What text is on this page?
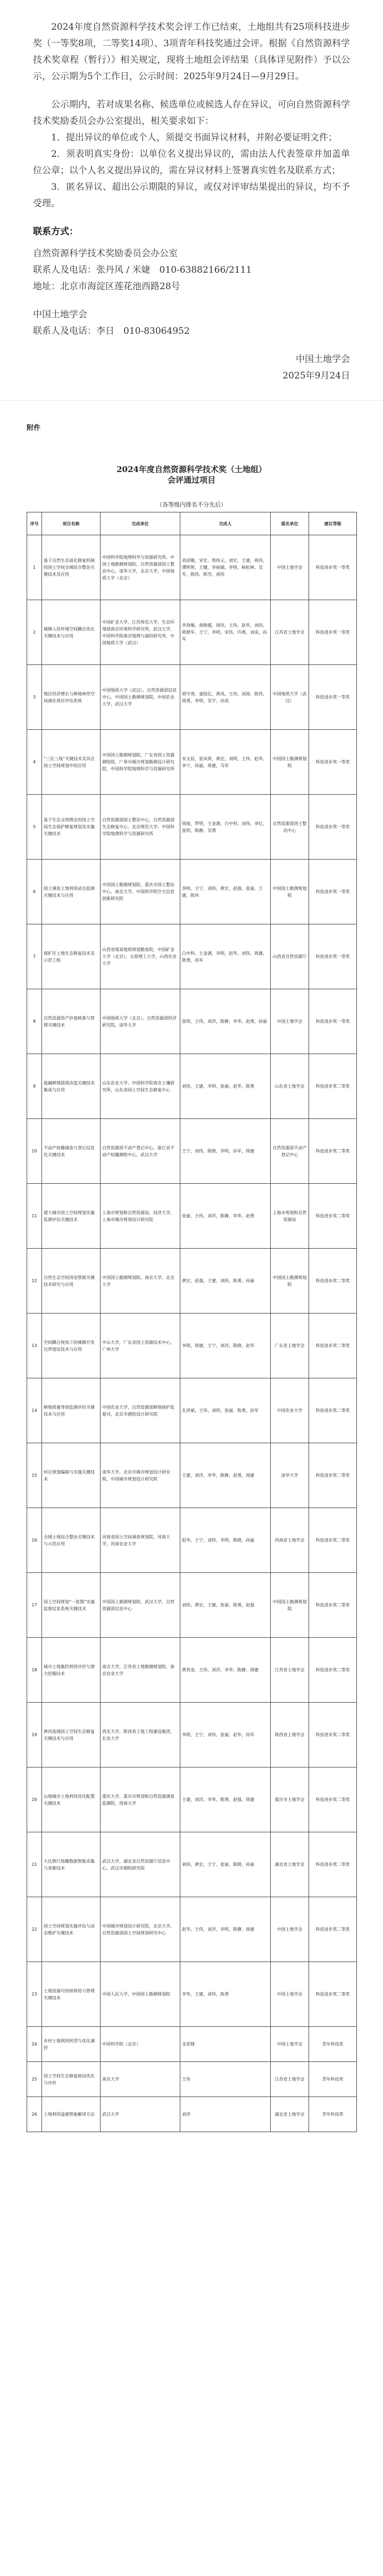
2024年度自然资源科学技术奖会评工作已结束，土地组共有25项科技进步奖（一等奖8项，二等奖14项）、3项青年科技奖通过会评。根据《自然资源科学技术奖章程（暂行）》相关规定，现将土地组会评结果（具体详见附件）予以公示，公示期为5个工作日，公示时间：2025年9月24日—9月29日。

公示期内，若对成果名称、候选单位或候选人存在异议，可向自然资源科学技术奖励委员会办公室提出，相关要求如下：

1．提出异议的单位或个人，须提交书面异议材料，并附必要证明文件；

2．须表明真实身份：以单位名义提出异议的，需由法人代表签章并加盖单位公章；以个人名义提出异议的，需在异议材料上签署真实姓名及联系方式；

3．匿名异议、超出公示期限的异议，或仅对评审结果提出的异议，均不予受理。

联系方式：

自然资源科学技术奖励委员会办公室

联系人及电话：张丹风 / 米婕　010-63882166/2111

地址：北京市海淀区莲花池西路28号

中国土地学会

联系人及电话：李日　010-83064952

中国土地学会

2025年9月24日

附件
2024年度自然资源科学技术奖（土地组）
会评通过项目
（各等级内排名不分先后）
序号	项目名称	完成单位	完成人	提名单位	建议等级
1	基于自然生态退化修复机制的国土空间全域综合整治关键技术及应用	中国科学院地理科学与资源研究所，中国土地勘测规划院，自然资源部国土整治中心，清华大学，北京大学，中国地质大学（北京）	刘彦随，宋宏，郑伟元，刘宏，王建，周伟，谭明智，王健，李裕瑞，李明，杨松林，吴军，陈伟，陈雪，胡伟	中国土地学会	科技进步奖一等奖
2	城镇人居环境空间耦合优化关键技术与应用	中国矿业大学，江苏师范大学，生态环境部南京环境科学研究所，武汉大学，中国科学院南京地理与湖泊研究所，中国地质大学（武汉）	李效顺，胡晓霞，周伟，王伟，赵华，刘伟，陈晓军，王宁，李明，宋伟，许燕，刘成，孙军	江苏省土地学会	科技进步奖一等奖
3	地区经济增长与耕地林草空间演化效应评估系统	中国地质大学（武汉），自然资源部信息中心，中国国土勘测规划院，中国农业大学，武汉大学	胡守庚，童陆亿，黄凤，王伟，刘涛，陈伟，周勇，李明，吴宇，孙英	中国地质大学（武汉）	科技进步奖一等奖
4	“三区三线”关键技术及其在国土空间规划中的应用	中国国土勘测规划院，广东省国土资源测绘院，广州市城市规划勘测设计研究院，中国科学院地理科学与资源研究所	安文辰，张凤荣，黄宏，刘明，王伟，赵华，李宁，孙丽，周建，马军	中国国土勘测规划院	科技进步奖一等奖
5	基于生态文明理念的国土空间生态保护修复规划及实施关键技术	自然资源部国土整治中心，自然资源部生态修复中心，北京师范大学，中国科学院地理科学与资源研究所	周旭，罗明，王金满，白中科，刘伟，李红，张明，陈静，吴勇	自然资源部国土整治中心	科技进步奖一等奖
6	国土调查土地利用动态监测关键技术与应用	中国国土勘测规划院，重庆市国土整治中心，南京大学，中国科学院空天信息创新研究院	李明，王宁，刘伟，黄宏，赵强，张丽，王建，陈伟	中国国土勘测规划院	科技进步奖一等奖
7	煤矿区土地生态修复技术及示范工程	山西省煤炭地质规划勘查院，中国矿业大学（北京），太原理工大学，山西农业大学	白中科，王金满，李明，赵华，刘伟，周建，陈勇，孙军	山西省自然资源厅	科技进步奖一等奖
8	自然资源资产价值核算与管理关键技术	中国地质大学（北京），自然资源部经济研究院，清华大学	张明，王伟，刘洋，陈静，李华，赵勇，孙丽	中国土地学会	科技进步奖一等奖
9	盐碱耕地提质改造关键技术集成与应用	山东农业大学，中国科学院南京土壤研究所，山东省国土空间生态修复中心	刘伟，王建，李明，张丽，赵华，陈勇	山东省土地学会	科技进步奖二等奖
10	不动产权籍调查与登记信息化关键技术	自然资源部不动产登记中心，浙江省不动产权籍测绘中心，武汉大学	王宁，刘伟，陈晓，李明，孙军，周建	自然资源部不动产登记中心	科技进步奖二等奖
11	超大城市国土空间规划实施监测评估关键技术	上海市规划和自然资源局，同济大学，上海市城市规划设计研究院	张丽，王伟，刘洋，陈静，李华，赵勇	上海市规划和自然资源局	科技进步奖二等奖
12	自然生态空间用途管制关键技术研究与应用	中国国土勘测规划院，南京大学，北京大学	黄宏，赵强，王建，刘伟，陈勇，孙丽	中国国土勘测规划院	科技进步奖二等奖
13	空间耦合视角下的城镇开发边界划定技术与应用	中山大学，广东省国土资源技术中心，广州大学	李明，周建，王宁，刘洋，陈晓，赵华	广东省土地学会	科技进步奖二等奖
14	耕地质量等别监测评价关键技术与应用	中国农业大学，自然资源部耕地保护监督司，北京市测绘设计研究院	孔祥斌，王伟，刘伟，张丽，陈勇，孙军	中国农业大学	科技进步奖二等奖
15	村庄规划编制与实施关键技术	清华大学，北京市城市规划设计研究院，中国城市规划设计研究院	王建，刘洋，李华，陈静，赵勇，周建	清华大学	科技进步奖二等奖
16	全域土地综合整治关键技术与示范应用	河南省国土空间调查规划院，河南大学，河南农业大学	赵华，王宁，刘伟，李明，陈晓，孙丽	河南省土地学会	科技进步奖二等奖
17	国土空间规划“一张图”实施监督信息系统关键技术	中国国土勘测规划院，武汉大学，自然资源部信息中心	刘伟，黄宏，王建，张丽，陈勇，赵强	中国国土勘测规划院	科技进步奖二等奖
18	城市土地集约利用评价与潜力挖掘技术	南京大学，江苏省土地勘测规划院，南京农业大学	黄贤金，王伟，刘洋，李华，陈静，周建	江苏省土地学会	科技进步奖二等奖
19	黄河流域国土空间生态修复关键技术与应用	西北大学，陕西省土地工程建设集团，长安大学	李明，王宁，刘伟，张丽，赵华，孙军	陕西省土地学会	科技进步奖二等奖
20	山地城市土地利用优化配置关键技术	重庆大学，重庆市规划和自然资源调查监测院，西南大学	王建，刘洋，李华，陈勇，赵强，周建	重庆市土地学会	科技进步奖二等奖
21	大比例尺地籍数据智能采集与更新技术	武汉大学，湖北省自然资源厅信息中心，武汉市测绘研究院	刘伟，黄宏，王宁，张丽，陈晓，孙丽	湖北省土地学会	科技进步奖二等奖
22	国土空间规划实施评估与动态维护关键技术	中国城市规划设计研究院，北京大学，自然资源部国土空间规划研究中心	赵华，王伟，刘洋，李明，陈静，周建	中国土地学会	科技进步奖二等奖
23	土地资源可持续利用与管理关键技术	中国人民大学，中国国土勘测规划院	李华，王建，刘伟，陈勇	中国土地学会	科技进步奖二等奖
24	乡村土地利用转型与优化调控	中国科学院（北京）	龙花楼	中国土地学会	青年科技奖
25	国土空间生态修复格局优化与评价	南京大学	王伟	江苏省土地学会	青年科技奖
26	土地利用遥感智能解译方法	武汉大学	刘洋	湖北省土地学会	青年科技奖
